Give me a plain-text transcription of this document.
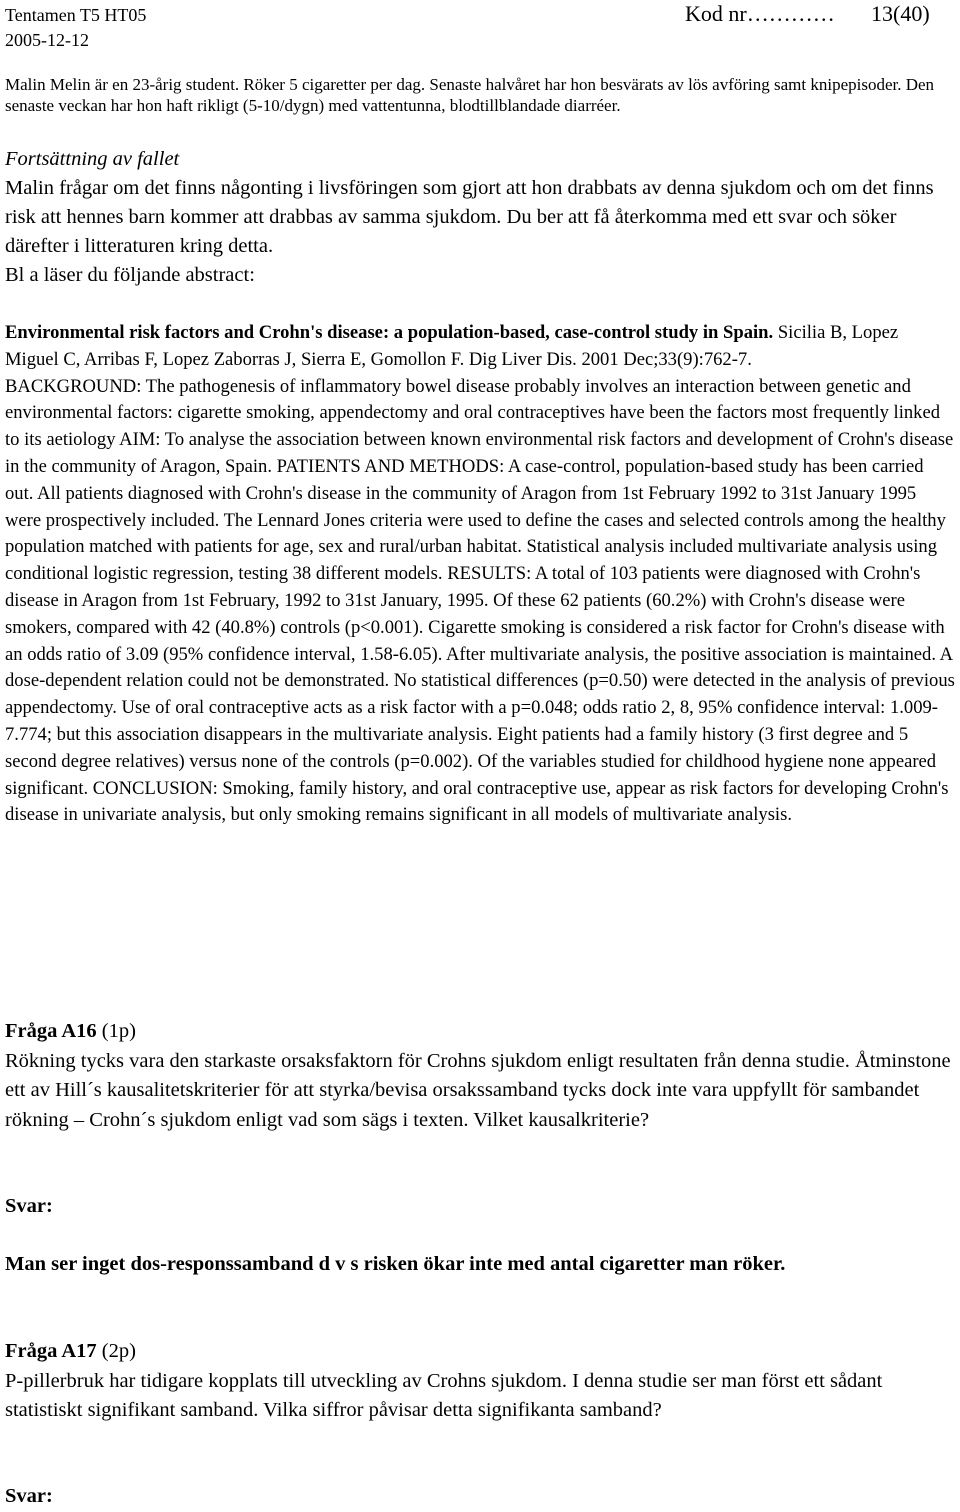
Tentamen T5 HT05
2005-12-12
Kod nr………… 13(40)
Malin Melin är en 23-årig student. Röker 5 cigaretter per dag. Senaste halvåret har hon besvärats av lös avföring samt knipepisoder. Den senaste veckan har hon haft rikligt (5-10/dygn) med vattentunna, blodtillblandade diarréer.
Fortsättning av fallet

Malin frågar om det finns någonting i livsföringen som gjort att hon drabbats av denna sjukdom och om det finns risk att hennes barn kommer att drabbas av samma sjukdom. Du ber att få återkomma med ett svar och söker därefter i litteraturen kring detta.

Bl a läser du följande abstract:

Environmental risk factors and Crohn's disease: a population-based, case-control study in Spain. Sicilia B, Lopez Miguel C, Arribas F, Lopez Zaborras J, Sierra E, Gomollon F. Dig Liver Dis. 2001 Dec;33(9):762-7.

BACKGROUND: The pathogenesis of inflammatory bowel disease probably involves an interaction between genetic and environmental factors: cigarette smoking, appendectomy and oral contraceptives have been the factors most frequently linked to its aetiology AIM: To analyse the association between known environmental risk factors and development of Crohn's disease in the community of Aragon, Spain. PATIENTS AND METHODS: A case-control, population-based study has been carried out. All patients diagnosed with Crohn's disease in the community of Aragon from 1st February 1992 to 31st January 1995 were prospectively included. The Lennard Jones criteria were used to define the cases and selected controls among the healthy population matched with patients for age, sex and rural/urban habitat. Statistical analysis included multivariate analysis using conditional logistic regression, testing 38 different models. RESULTS: A total of 103 patients were diagnosed with Crohn's disease in Aragon from 1st February, 1992 to 31st January, 1995. Of these 62 patients (60.2%) with Crohn's disease were smokers, compared with 42 (40.8%) controls (p<0.001). Cigarette smoking is considered a risk factor for Crohn's disease with an odds ratio of 3.09 (95% confidence interval, 1.58-6.05). After multivariate analysis, the positive association is maintained. A dose-dependent relation could not be demonstrated. No statistical differences (p=0.50) were detected in the analysis of previous appendectomy. Use of oral contraceptive acts as a risk factor with a p=0.048; odds ratio 2, 8, 95% confidence interval: 1.009-7.774; but this association disappears in the multivariate analysis. Eight patients had a family history (3 first degree and 5 second degree relatives) versus none of the controls (p=0.002). Of the variables studied for childhood hygiene none appeared significant. CONCLUSION: Smoking, family history, and oral contraceptive use, appear as risk factors for developing Crohn's disease in univariate analysis, but only smoking remains significant in all models of multivariate analysis.

Fråga A16 (1p)
Rökning tycks vara den starkaste orsaksfaktorn för Crohns sjukdom enligt resultaten från denna studie. Åtminstone ett av Hill´s kausalitetskriterier för att styrka/bevisa orsakssamband tycks dock inte vara uppfyllt för sambandet rökning – Crohn´s sjukdom enligt vad som sägs i texten. Vilket kausalkriterie?
Svar:
Man ser inget dos-responssamband d v s risken ökar inte med antal cigaretter man röker.
Fråga A17 (2p)
P-pillerbruk har tidigare kopplats till utveckling av Crohns sjukdom. I denna studie ser man först ett sådant statistiskt signifikant samband. Vilka siffror påvisar detta signifikanta samband?
Svar:
